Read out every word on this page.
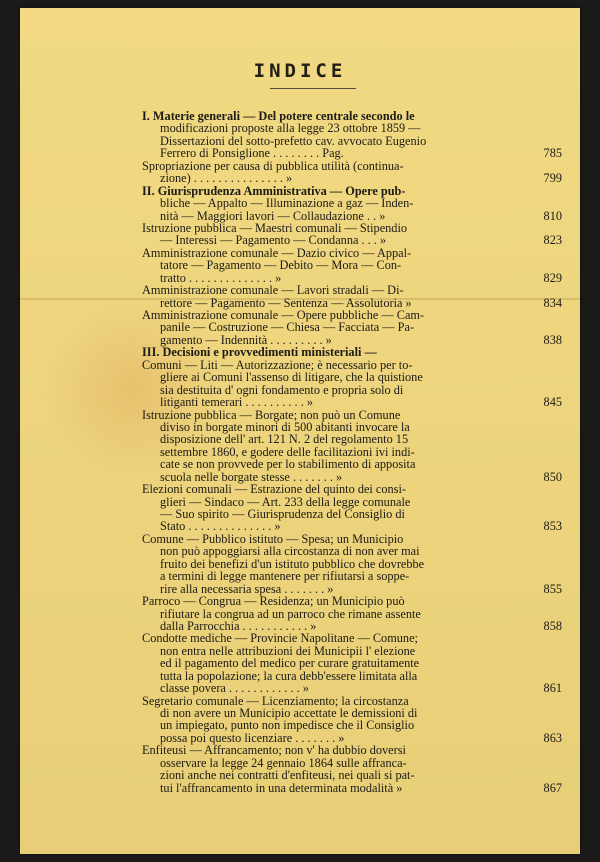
INDICE
I. Materie generali — Del potere centrale secondo le
modificazioni proposte alla legge 23 ottobre 1859 —
Dissertazioni del sotto-prefetto cav. avvocato Eugenio
Ferrero di Ponsiglione . . . . . . . . Pag.	785
Spropriazione per causa di pubblica utilità (continua-
zione) . . . . . . . . . . . . . . . »	799
II. Giurisprudenza Amministrativa — Opere pub-
bliche — Appalto — Illuminazione a gaz — Inden-
nità — Maggiori lavori — Collaudazione . . »	810
Istruzione pubblica — Maestri comunali — Stipendio
— Interessi — Pagamento — Condanna . . . »	823
Amministrazione comunale — Dazio civico — Appal-
tatore — Pagamento — Debito — Mora — Con-
tratto . . . . . . . . . . . . . . »	829
Amministrazione comunale — Lavori stradali — Di-
rettore — Pagamento — Sentenza — Assolutoria »	834
Amministrazione comunale — Opere pubbliche — Cam-
panile — Costruzione — Chiesa — Facciata — Pa-
gamento — Indennità . . . . . . . . . »	838
III. Decisioni e provvedimenti ministeriali —
Comuni — Liti — Autorizzazione; è necessario per to-
gliere ai Comuni l'assenso di litigare, che la quistione
sia destituita d' ogni fondamento e propria solo di
litiganti temerari . . . . . . . . . . »	845
Istruzione pubblica — Borgate; non può un Comune
diviso in borgate minori di 500 abitanti invocare la
disposizione dell' art. 121 N. 2 del regolamento 15
settembre 1860, e godere delle facilitazioni ivi indi-
cate se non provvede per lo stabilimento di apposita
scuola nelle borgate stesse . . . . . . . »	850
Elezioni comunali — Estrazione del quinto dei consi-
glieri — Sindaco — Art. 233 della legge comunale
— Suo spirito — Giurisprudenza del Consiglio di
Stato . . . . . . . . . . . . . . »	853
Comune — Pubblico istituto — Spesa; un Municipio
non può appoggiarsi alla circostanza di non aver mai
fruito dei benefizi d'un istituto pubblico che dovrebbe
a termini di legge mantenere per rifiutarsi a soppe-
rire alla necessaria spesa . . . . . . . »	855
Parroco — Congrua — Residenza; un Municipio può
rifiutare la congrua ad un parroco che rimane assente
dalla Parrocchia . . . . . . . . . . . »	858
Condotte mediche — Provincie Napolitane — Comune;
non entra nelle attribuzioni dei Municipii l' elezione
ed il pagamento del medico per curare gratuitamente
tutta la popolazione; la cura debb'essere limitata alla
classe povera . . . . . . . . . . . . »	861
Segretario comunale — Licenziamento; la circostanza
di non avere un Municipio accettate le demissioni di
un impiegato, punto non impedisce che il Consiglio
possa poi questo licenziare . . . . . . . »	863
Enfiteusi — Affrancamento; non v' ha dubbio doversi
osservare la legge 24 gennaio 1864 sulle affranca-
zioni anche nei contratti d'enfiteusi, nei quali si pat-
tui l'affrancamento in una determinata modalità »	867
